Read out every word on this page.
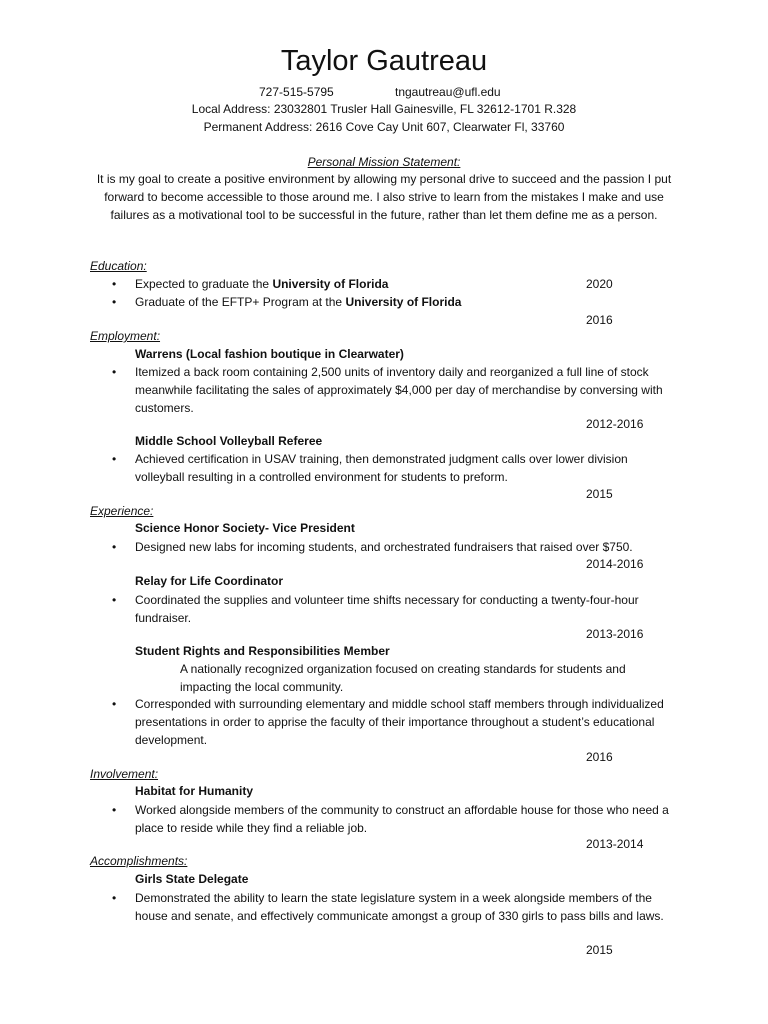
Taylor Gautreau
727-515-5795	tngautreau@ufl.edu
Local Address: 23032801 Trusler Hall Gainesville, FL 32612-1701 R.328
Permanent Address: 2616 Cove Cay Unit 607, Clearwater Fl, 33760
Personal Mission Statement:
It is my goal to create a positive environment by allowing my personal drive to succeed and the passion I put forward to become accessible to those around me. I also strive to learn from the mistakes I make and use failures as a motivational tool to be successful in the future, rather than let them define me as a person.
Education:
• Expected to graduate the University of Florida	2020
• Graduate of the EFTP+ Program at the University of Florida
2016
Employment:
Warrens (Local fashion boutique in Clearwater)
• Itemized a back room containing 2,500 units of inventory daily and reorganized a full line of stock meanwhile facilitating the sales of approximately $4,000 per day of merchandise by conversing with customers.
2012-2016
Middle School Volleyball Referee
• Achieved certification in USAV training, then demonstrated judgment calls over lower division volleyball resulting in a controlled environment for students to preform.
2015
Experience:
Science Honor Society- Vice President
• Designed new labs for incoming students, and orchestrated fundraisers that raised over $750.
2014-2016
Relay for Life Coordinator
• Coordinated the supplies and volunteer time shifts necessary for conducting a twenty-four-hour fundraiser.
2013-2016
Student Rights and Responsibilities Member
A nationally recognized organization focused on creating standards for students and impacting the local community.
• Corresponded with surrounding elementary and middle school staff members through individualized presentations in order to apprise the faculty of their importance throughout a student’s educational development.
2016
Involvement:
Habitat for Humanity
• Worked alongside members of the community to construct an affordable house for those who need a place to reside while they find a reliable job.
2013-2014
Accomplishments:
Girls State Delegate
• Demonstrated the ability to learn the state legislature system in a week alongside members of the house and senate, and effectively communicate amongst a group of 330 girls to pass bills and laws.
2015
